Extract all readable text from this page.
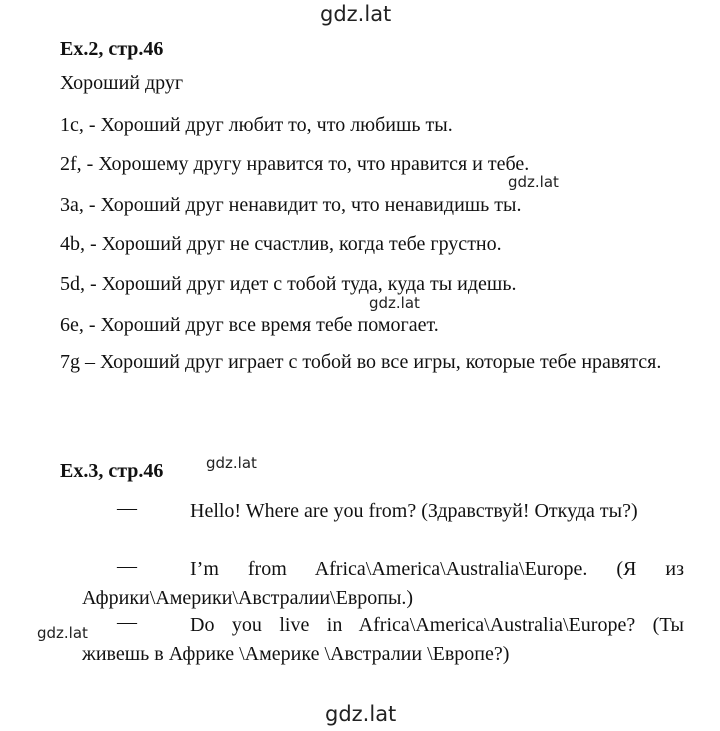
gdz.lat
gdz.lat
gdz.lat
gdz.lat
gdz.lat
gdz.lat
Ex.2, стр.46
Хороший друг
1c, - Хороший друг любит то, что любишь ты.
2f, - Хорошему другу нравится то, что нравится и тебе.
3a, - Хороший друг ненавидит то, что ненавидишь ты.
4b, - Хороший друг не счастлив, когда тебе грустно.
5d, - Хороший друг идет с тобой туда, куда ты идешь.
6e, - Хороший друг все время тебе помогает.
7g – Хороший друг играет с тобой во все игры, которые тебе нравятся.
Ex.3, стр.46
—	Hello! Where are you from? (Здравствуй! Откуда ты?)
—	I’m from Africa\America\Australia\Europe. (Я из Африки\Америки\Австралии\Европы.)
—	Do you live in Africa\America\Australia\Europe? (Ты живешь в Африке \Америке \Австралии \Европе?)
